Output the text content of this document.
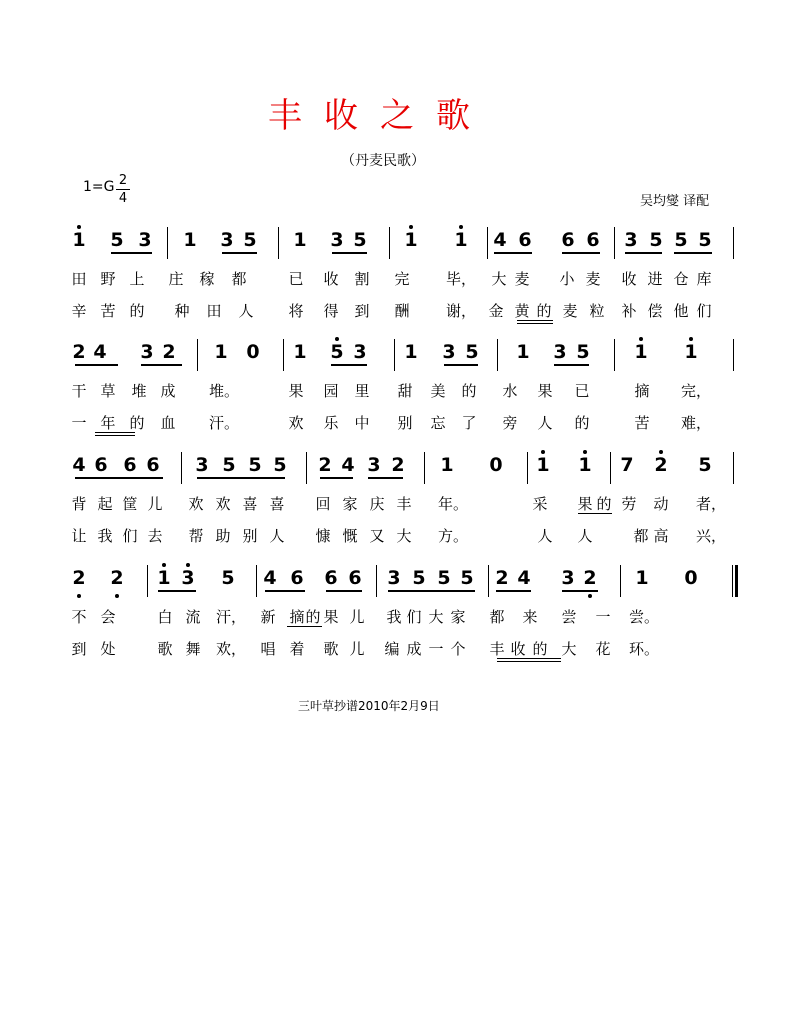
丰收之歌
（丹麦民歌）
$1=G \frac{2}{4}$	吴均燮 译配
1 5 3 1 3 5 1 3 5 1 1 4 6 6 6 3 5 5 5
田 野 上 庄 稼 都	已 收 割 完 毕， 大 麦 小 麦 收 进 仓 库
辛 苦 的 种 田 人 将 得 到 酬 谢， 金 黄 的 麦 粒 补 偿 他 们
2 4 3 2 1 0 1 5 3 1 3 5 1 3 5 1 1
干 草 堆 成 堆。	果 园 里 甜 美 的 水 果 已	摘 完，
一 年 的 血 汗。	欢 乐 中 别 忘 了 旁 人 的	苦 难，
4 6 6 6 3 5 5 5 2 4 3 2 1 0 1 1 7 2 5
背 起 筐 儿 欢 欢 喜 喜 回 家 庆 丰 年。	采 果 的 劳 动 者，
让 我 们 去 帮 助 别 人 慷 慨 又 大 方。	人 人	都 高 兴，
2 2 1 3 5 4 6 6 6 3 5 5 5 2 4 3 2 1 0
不 会	白 流 汗， 新 摘 的 果 儿 我 们 大 家 都 来 尝 一 尝。
到 处	歌 舞 欢， 唱 着 歌 儿 编 成 一 个 丰 收 的 大 花 环。
三叶草抄谱2010年2月9日
